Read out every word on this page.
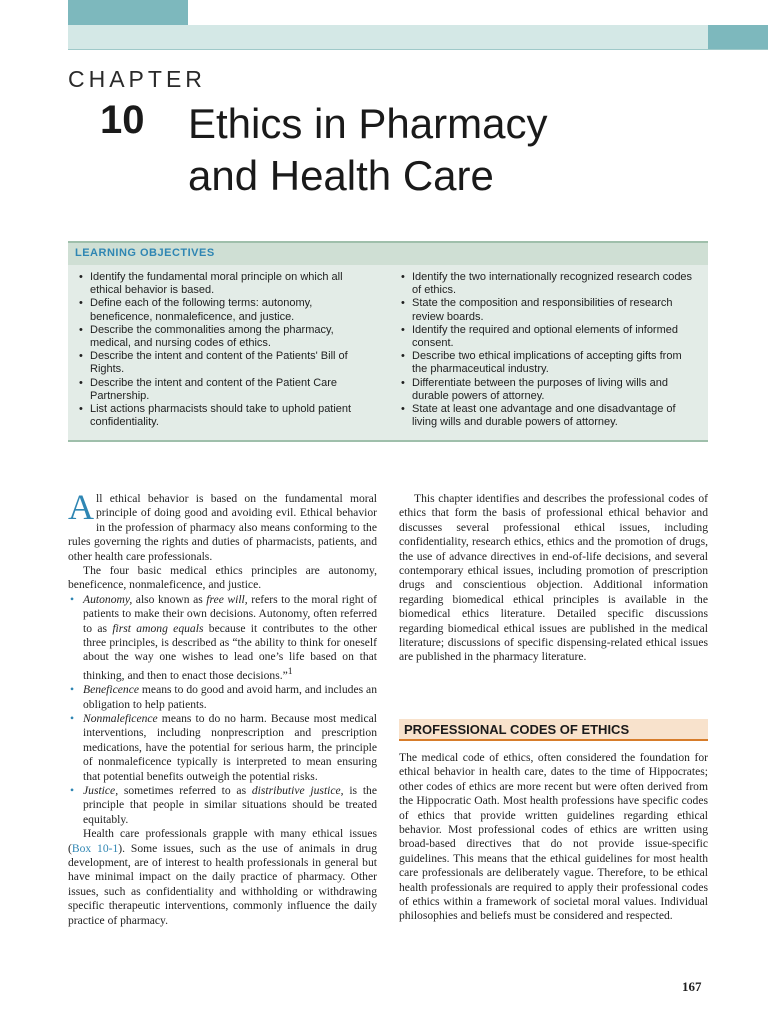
CHAPTER
10 Ethics in Pharmacy
and Health Care
LEARNING OBJECTIVES
• Identify the fundamental moral principle on which all ethical behavior is based.
• Define each of the following terms: autonomy, beneficence, nonmaleficence, and justice.
• Describe the commonalities among the pharmacy, medical, and nursing codes of ethics.
• Describe the intent and content of the Patients' Bill of Rights.
• Describe the intent and content of the Patient Care Partnership.
• List actions pharmacists should take to uphold patient confidentiality.
• Identify the two internationally recognized research codes of ethics.
• State the composition and responsibilities of research review boards.
• Identify the required and optional elements of informed consent.
• Describe two ethical implications of accepting gifts from the pharmaceutical industry.
• Differentiate between the purposes of living wills and durable powers of attorney.
• State at least one advantage and one disadvantage of living wills and durable powers of attorney.

All ethical behavior is based on the fundamental moral principle of doing good and avoiding evil. Ethical behavior in the profession of pharmacy also means conforming to the rules governing the rights and duties of pharmacists, patients, and other health care professionals.

The four basic medical ethics principles are autonomy, beneficence, nonmaleficence, and justice.

• Autonomy, also known as free will, refers to the moral right of patients to make their own decisions. Autonomy, often referred to as first among equals because it contributes to the other three principles, is described as “the ability to think for oneself about the way one wishes to lead one’s life based on that thinking, and then to enact those decisions.”$^1$
• Beneficence means to do good and avoid harm, and includes an obligation to help patients.
• Nonmaleficence means to do no harm. Because most medical interventions, including nonprescription and prescription medications, have the potential for serious harm, the principle of nonmaleficence typically is interpreted to mean ensuring that potential benefits outweigh the potential risks.
• Justice, sometimes referred to as distributive justice, is the principle that people in similar situations should be treated equitably.

Health care professionals grapple with many ethical issues (Box 10-1). Some issues, such as the use of animals in drug development, are of interest to health professionals in general but have minimal impact on the daily practice of pharmacy. Other issues, such as confidentiality and withholding or withdrawing specific therapeutic interventions, commonly influence the daily practice of pharmacy.

This chapter identifies and describes the professional codes of ethics that form the basis of professional ethical behavior and discusses several professional ethical issues, including confidentiality, research ethics, ethics and the promotion of drugs, the use of advance directives in end-of-life decisions, and several contemporary ethical issues, including promotion of prescription drugs and conscientious objection. Additional information regarding biomedical ethical principles is available in the biomedical ethics literature. Detailed specific discussions regarding biomedical ethical issues are published in the medical literature; discussions of specific dispensing-related ethical issues are published in the pharmacy literature.

PROFESSIONAL CODES OF ETHICS

The medical code of ethics, often considered the foundation for ethical behavior in health care, dates to the time of Hippocrates; other codes of ethics are more recent but were often derived from the Hippocratic Oath. Most health professions have specific codes of ethics that provide written guidelines regarding ethical behavior. Most professional codes of ethics are written using broad-based directives that do not provide issue-specific guidelines. This means that the ethical guidelines for most health care professionals are deliberately vague. Therefore, to be ethical health professionals are required to apply their professional codes of ethics within a framework of societal moral values. Individual philosophies and beliefs must be considered and respected.

167
